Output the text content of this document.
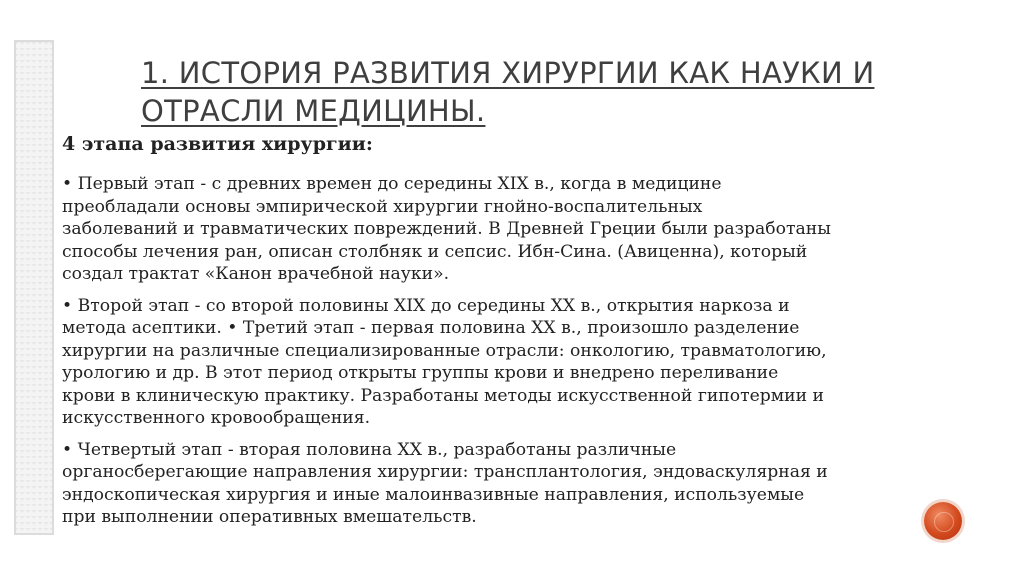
1. ИСТОРИЯ РАЗВИТИЯ ХИРУРГИИ КАК НАУКИ И
ОТРАСЛИ МЕДИЦИНЫ.
4 этапа развития хирургии:
• Первый этап - с древних времен до середины XIX в., когда в медицине
преобладали основы эмпирической хирургии гнойно-воспалительных
заболеваний и травматических повреждений. В Древней Греции были разработаны
способы лечения ран, описан столбняк и сепсис. Ибн-Сина. (Авиценна), который
создал трактат «Канон врачебной науки».
• Второй этап - со второй половины XIX до середины XX в., открытия наркоза и
метода асептики. • Третий этап - первая половина XX в., произошло разделение
хирургии на различные специализированные отрасли: онкологию, травматологию,
урологию и др. В этот период открыты группы крови и внедрено переливание
крови в клиническую практику. Разработаны методы искусственной гипотермии и
искусственного кровообращения.
• Четвертый этап - вторая половина XX в., разработаны различные
органосберегающие направления хирургии: трансплантология, эндоваскулярная и
эндоскопическая хирургия и иные малоинвазивные направления, используемые
при выполнении оперативных вмешательств.
